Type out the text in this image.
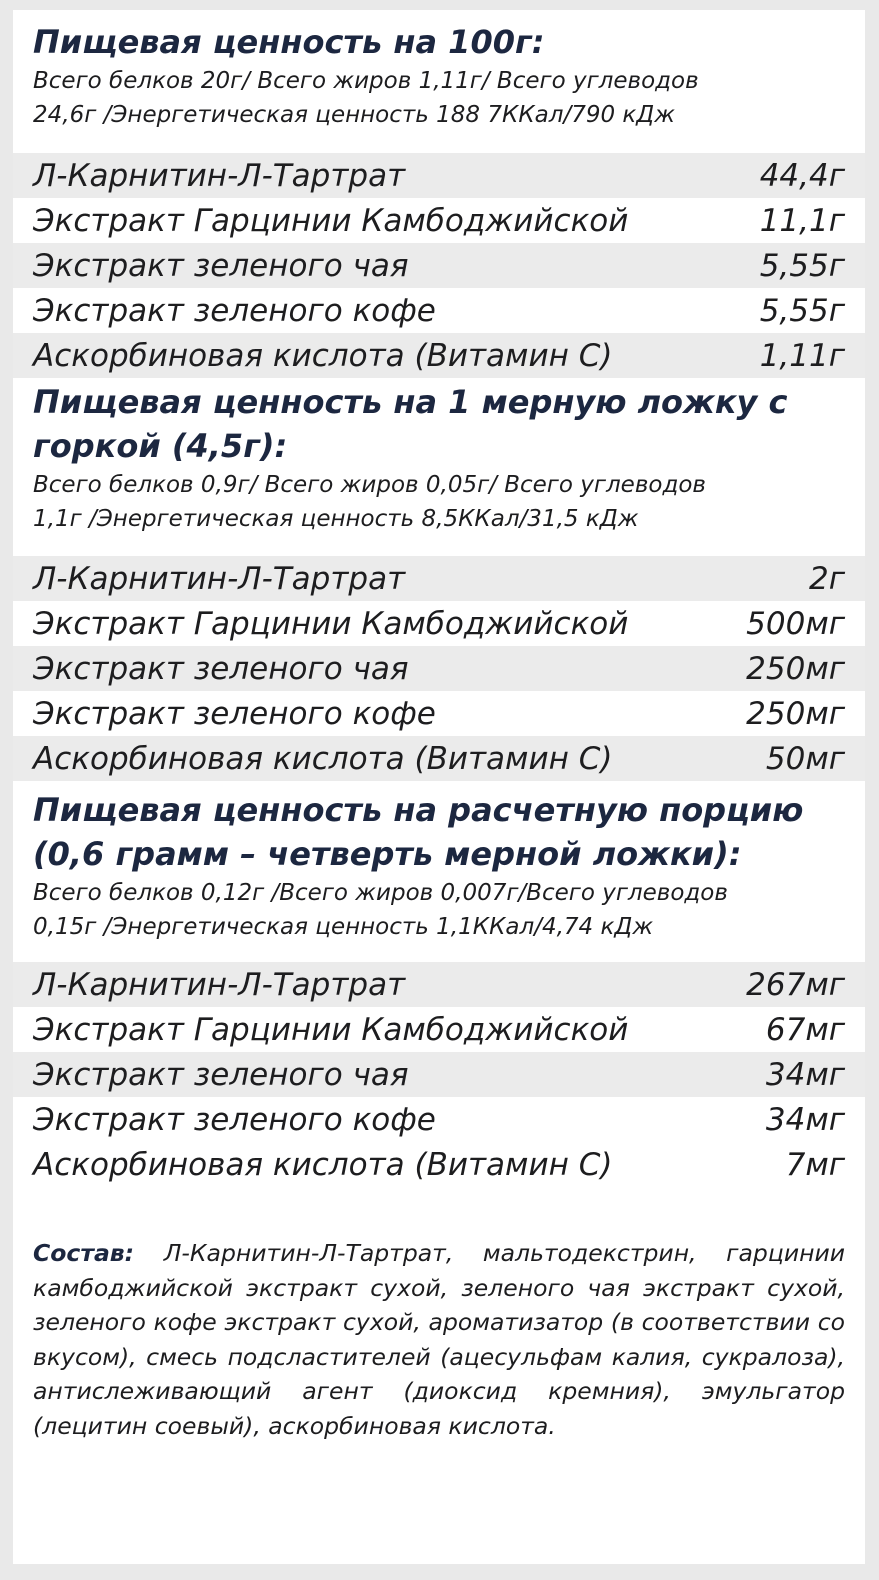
Пищевая ценность на 100г:
Всего белков 20г/ Всего жиров 1,11г/ Всего углеводов
24,6г /Энергетическая ценность 188 7ККал/790 кДж
Л-Карнитин-Л-Тартрат	44,4г
Экстракт Гарцинии Камбоджийской	11,1г
Экстракт зеленого чая	5,55г
Экстракт зеленого кофе	5,55г
Аскорбиновая кислота (Витамин С)	1,11г
Пищевая ценность на 1 мерную ложку с
горкой (4,5г):
Всего белков 0,9г/ Всего жиров 0,05г/ Всего углеводов
1,1г /Энергетическая ценность 8,5ККал/31,5 кДж
Л-Карнитин-Л-Тартрат	2г
Экстракт Гарцинии Камбоджийской	500мг
Экстракт зеленого чая	250мг
Экстракт зеленого кофе	250мг
Аскорбиновая кислота (Витамин С)	50мг
Пищевая ценность на расчетную порцию
(0,6 грамм – четверть мерной ложки):
Всего белков 0,12г /Всего жиров 0,007г/Всего углеводов
0,15г /Энергетическая ценность 1,1ККал/4,74 кДж
Л-Карнитин-Л-Тартрат	267мг
Экстракт Гарцинии Камбоджийской	67мг
Экстракт зеленого чая	34мг
Экстракт зеленого кофе	34мг
Аскорбиновая кислота (Витамин С)	7мг
Состав: Л-Карнитин-Л-Тартрат, мальтодекстрин, гарцинии камбоджийской экстракт сухой, зеленого чая экстракт сухой, зеленого кофе экстракт сухой, ароматизатор (в соответствии со вкусом), смесь подсластителей (ацесульфам калия, сукралоза), антислеживающий агент (диоксид кремния), эмульгатор (лецитин соевый), аскорбиновая кислота.
